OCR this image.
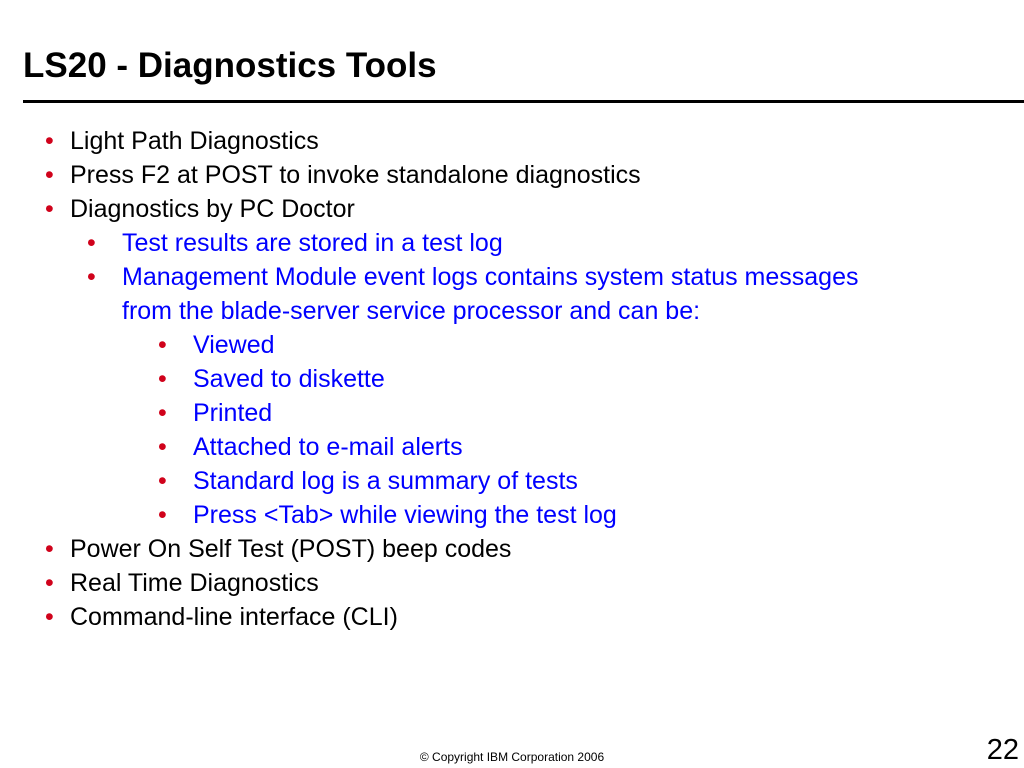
LS20 - Diagnostics Tools
• Light Path Diagnostics
• Press F2 at POST to invoke standalone diagnostics
• Diagnostics by PC Doctor
• Test results are stored in a test log
• Management Module event logs contains system status messages
from the blade-server service processor and can be:
• Viewed
• Saved to diskette
• Printed
• Attached to e-mail alerts
• Standard log is a summary of tests
• Press <Tab> while viewing the test log
• Power On Self Test (POST) beep codes
• Real Time Diagnostics
• Command-line interface (CLI)
© Copyright IBM Corporation 2006	22
